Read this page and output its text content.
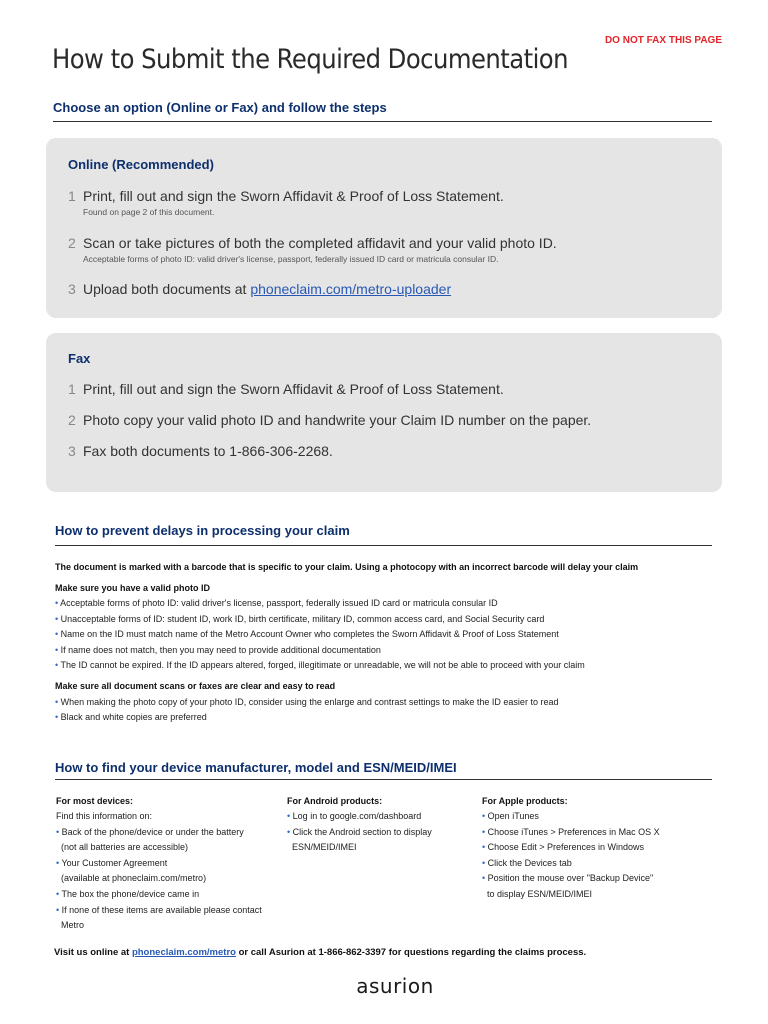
DO NOT FAX THIS PAGE
How to Submit the Required Documentation
Choose an option (Online or Fax) and follow the steps
Online (Recommended)
1 Print, fill out and sign the Sworn Affidavit & Proof of Loss Statement.
Found on page 2 of this document.
2 Scan or take pictures of both the completed affidavit and your valid photo ID.
Acceptable forms of photo ID: valid driver's license, passport, federally issued ID card or matricula consular ID.
3 Upload both documents at phoneclaim.com/metro-uploader
Fax
1 Print, fill out and sign the Sworn Affidavit & Proof of Loss Statement.
2 Photo copy your valid photo ID and handwrite your Claim ID number on the paper.
3 Fax both documents to 1-866-306-2268.
How to prevent delays in processing your claim
The document is marked with a barcode that is specific to your claim. Using a photocopy with an incorrect barcode will delay your claim
Make sure you have a valid photo ID
• Acceptable forms of photo ID: valid driver's license, passport, federally issued ID card or matricula consular ID
• Unacceptable forms of ID: student ID, work ID, birth certificate, military ID, common access card, and Social Security card
• Name on the ID must match name of the Metro Account Owner who completes the Sworn Affidavit & Proof of Loss Statement
• If name does not match, then you may need to provide additional documentation
• The ID cannot be expired. If the ID appears altered, forged, illegitimate or unreadable, we will not be able to proceed with your claim
Make sure all document scans or faxes are clear and easy to read
• When making the photo copy of your photo ID, consider using the enlarge and contrast settings to make the ID easier to read
• Black and white copies are preferred
How to find your device manufacturer, model and ESN/MEID/IMEI
For most devices:
Find this information on:
• Back of the phone/device or under the battery
(not all batteries are accessible)
• Your Customer Agreement
(available at phoneclaim.com/metro)
• The box the phone/device came in
• If none of these items are available please contact
Metro
For Android products:
• Log in to google.com/dashboard
• Click the Android section to display
ESN/MEID/IMEI
For Apple products:
• Open iTunes
• Choose iTunes > Preferences in Mac OS X
• Choose Edit > Preferences in Windows
• Click the Devices tab
• Position the mouse over "Backup Device"
to display ESN/MEID/IMEI
Visit us online at phoneclaim.com/metro or call Asurion at 1-866-862-3397 for questions regarding the claims process.
asurion
